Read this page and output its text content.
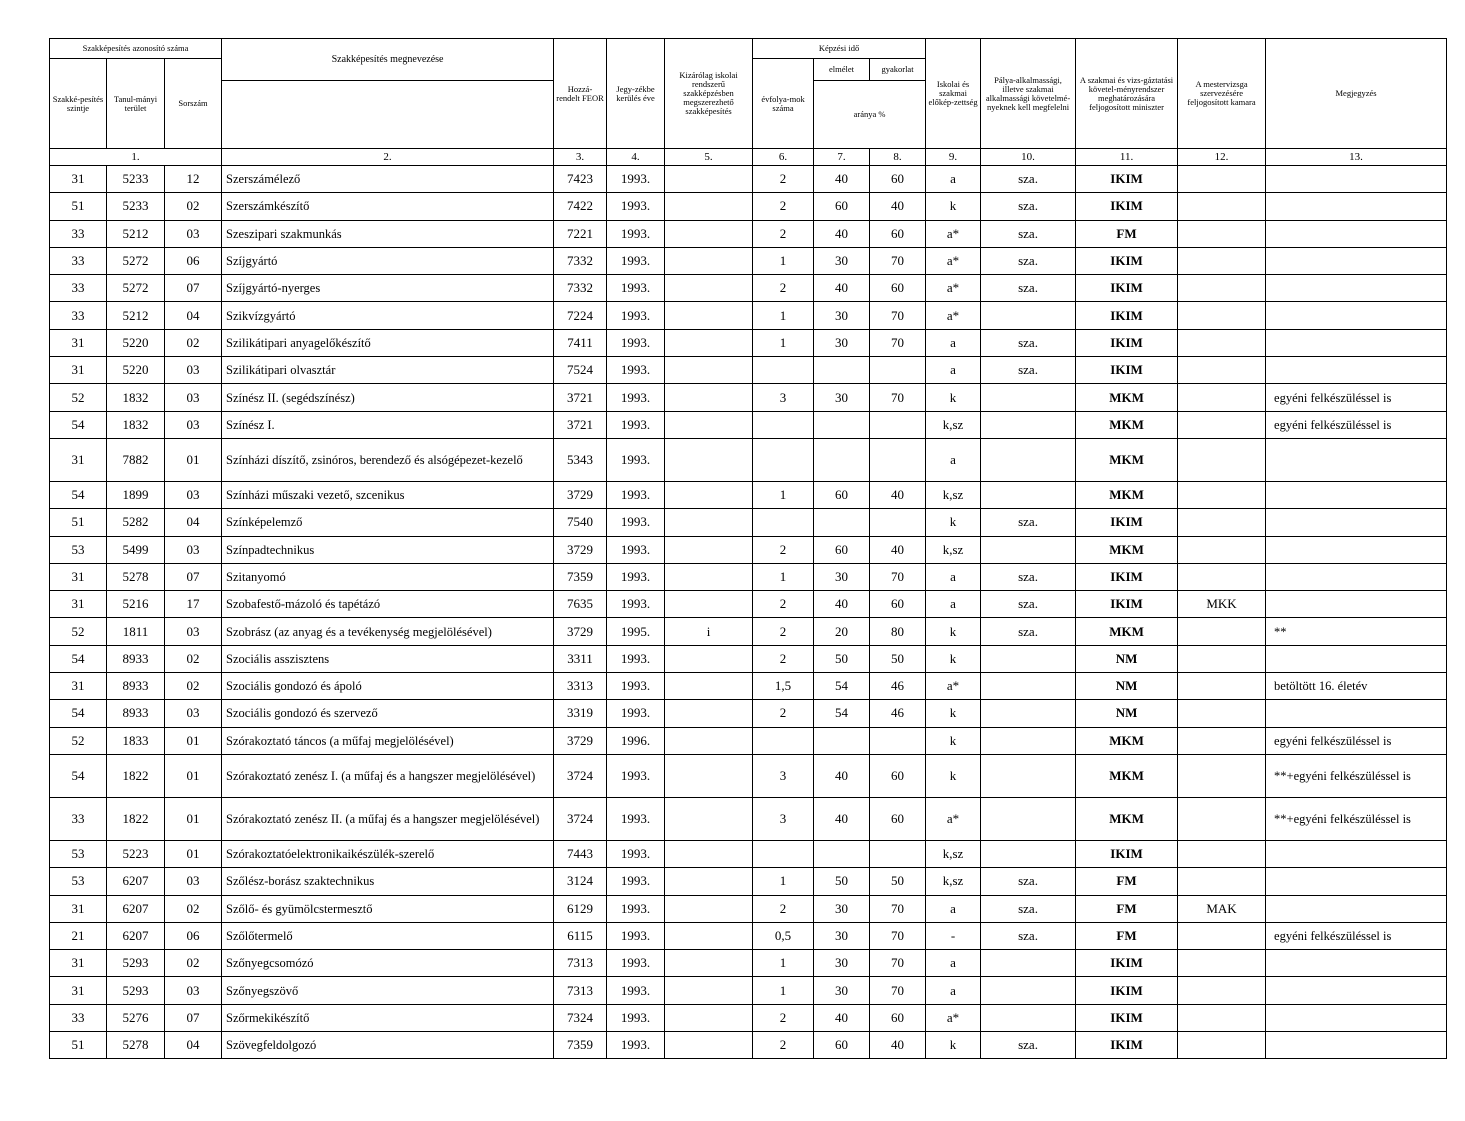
Szakképesítés azonosító száma			Szakképesítés megnevezése	Hozzá-rendelt FEOR	Jegy-zékbe kerülés éve	Kizárólag iskolai rendszerű szakképzésben megszerezhető szakképesítés	Képzési idő			Iskolai és szakmai előkép-zettség	Pálya-alkalmassági, illetve szakmai alkalmassági követelmé-nyeknek kell megfelelni	A szakmai és vizs-gáztatási követel-ményrendszer meghatározására feljogosított miniszter	A mestervizsga szervezésére feljogosított kamara	Megjegyzés
Szakké-pesítés szintje	Tanul-mányi terület	Sorszám					évfolya-mok száma	elmélet	gyakorlat					
								aránya %						
1.			2.	3.	4.	5.	6.	7.	8.	9.	10.	11.	12.	13.
31	5233	12	Szerszámélező	7423	1993.		2	40	60	a	sza.	IKIM		
51	5233	02	Szerszámkészítő	7422	1993.		2	60	40	k	sza.	IKIM		
33	5212	03	Szeszipari szakmunkás	7221	1993.		2	40	60	a*	sza.	FM		
33	5272	06	Szíjgyártó	7332	1993.		1	30	70	a*	sza.	IKIM		
33	5272	07	Szíjgyártó-nyerges	7332	1993.		2	40	60	a*	sza.	IKIM		
33	5212	04	Szikvízgyártó	7224	1993.		1	30	70	a*		IKIM		
31	5220	02	Szilikátipari anyagelőkészítő	7411	1993.		1	30	70	a	sza.	IKIM		
31	5220	03	Szilikátipari olvasztár	7524	1993.					a	sza.	IKIM		
52	1832	03	Színész II. (segédszínész)	3721	1993.		3	30	70	k		MKM		egyéni felkészüléssel is
54	1832	03	Színész I.	3721	1993.					k,sz		MKM		egyéni felkészüléssel is
31	7882	01	Színházi díszítő, zsinóros, berendező és alsógépezet-kezelő	5343	1993.					a		MKM		
54	1899	03	Színházi műszaki vezető, szcenikus	3729	1993.		1	60	40	k,sz		MKM		
51	5282	04	Színképelemző	7540	1993.					k	sza.	IKIM		
53	5499	03	Színpadtechnikus	3729	1993.		2	60	40	k,sz		MKM		
31	5278	07	Szitanyomó	7359	1993.		1	30	70	a	sza.	IKIM		
31	5216	17	Szobafestő-mázoló és tapétázó	7635	1993.		2	40	60	a	sza.	IKIM	MKK	
52	1811	03	Szobrász (az anyag és a tevékenység megjelölésével)	3729	1995.	i	2	20	80	k	sza.	MKM		**
54	8933	02	Szociális asszisztens	3311	1993.		2	50	50	k		NM		
31	8933	02	Szociális gondozó és ápoló	3313	1993.		1,5	54	46	a*		NM		betöltött 16. életév
54	8933	03	Szociális gondozó és szervező	3319	1993.		2	54	46	k		NM		
52	1833	01	Szórakoztató táncos (a műfaj megjelölésével)	3729	1996.					k		MKM		egyéni felkészüléssel is
54	1822	01	Szórakoztató zenész I. (a műfaj és a hangszer megjelölésével)	3724	1993.		3	40	60	k		MKM		**+egyéni felkészüléssel is
33	1822	01	Szórakoztató zenész II. (a műfaj és a hangszer megjelölésével)	3724	1993.		3	40	60	a*		MKM		**+egyéni felkészüléssel is
53	5223	01	Szórakoztatóelektronikaikészülék-szerelő	7443	1993.					k,sz		IKIM		
53	6207	03	Szőlész-borász szaktechnikus	3124	1993.		1	50	50	k,sz	sza.	FM		
31	6207	02	Szőlő- és gyümölcstermesztő	6129	1993.		2	30	70	a	sza.	FM	MAK	
21	6207	06	Szőlőtermelő	6115	1993.		0,5	30	70	-	sza.	FM		egyéni felkészüléssel is
31	5293	02	Szőnyegcsomózó	7313	1993.		1	30	70	a		IKIM		
31	5293	03	Szőnyegszövő	7313	1993.		1	30	70	a		IKIM		
33	5276	07	Szőrmekikészítő	7324	1993.		2	40	60	a*		IKIM		
51	5278	04	Szövegfeldolgozó	7359	1993.		2	60	40	k	sza.	IKIM		
